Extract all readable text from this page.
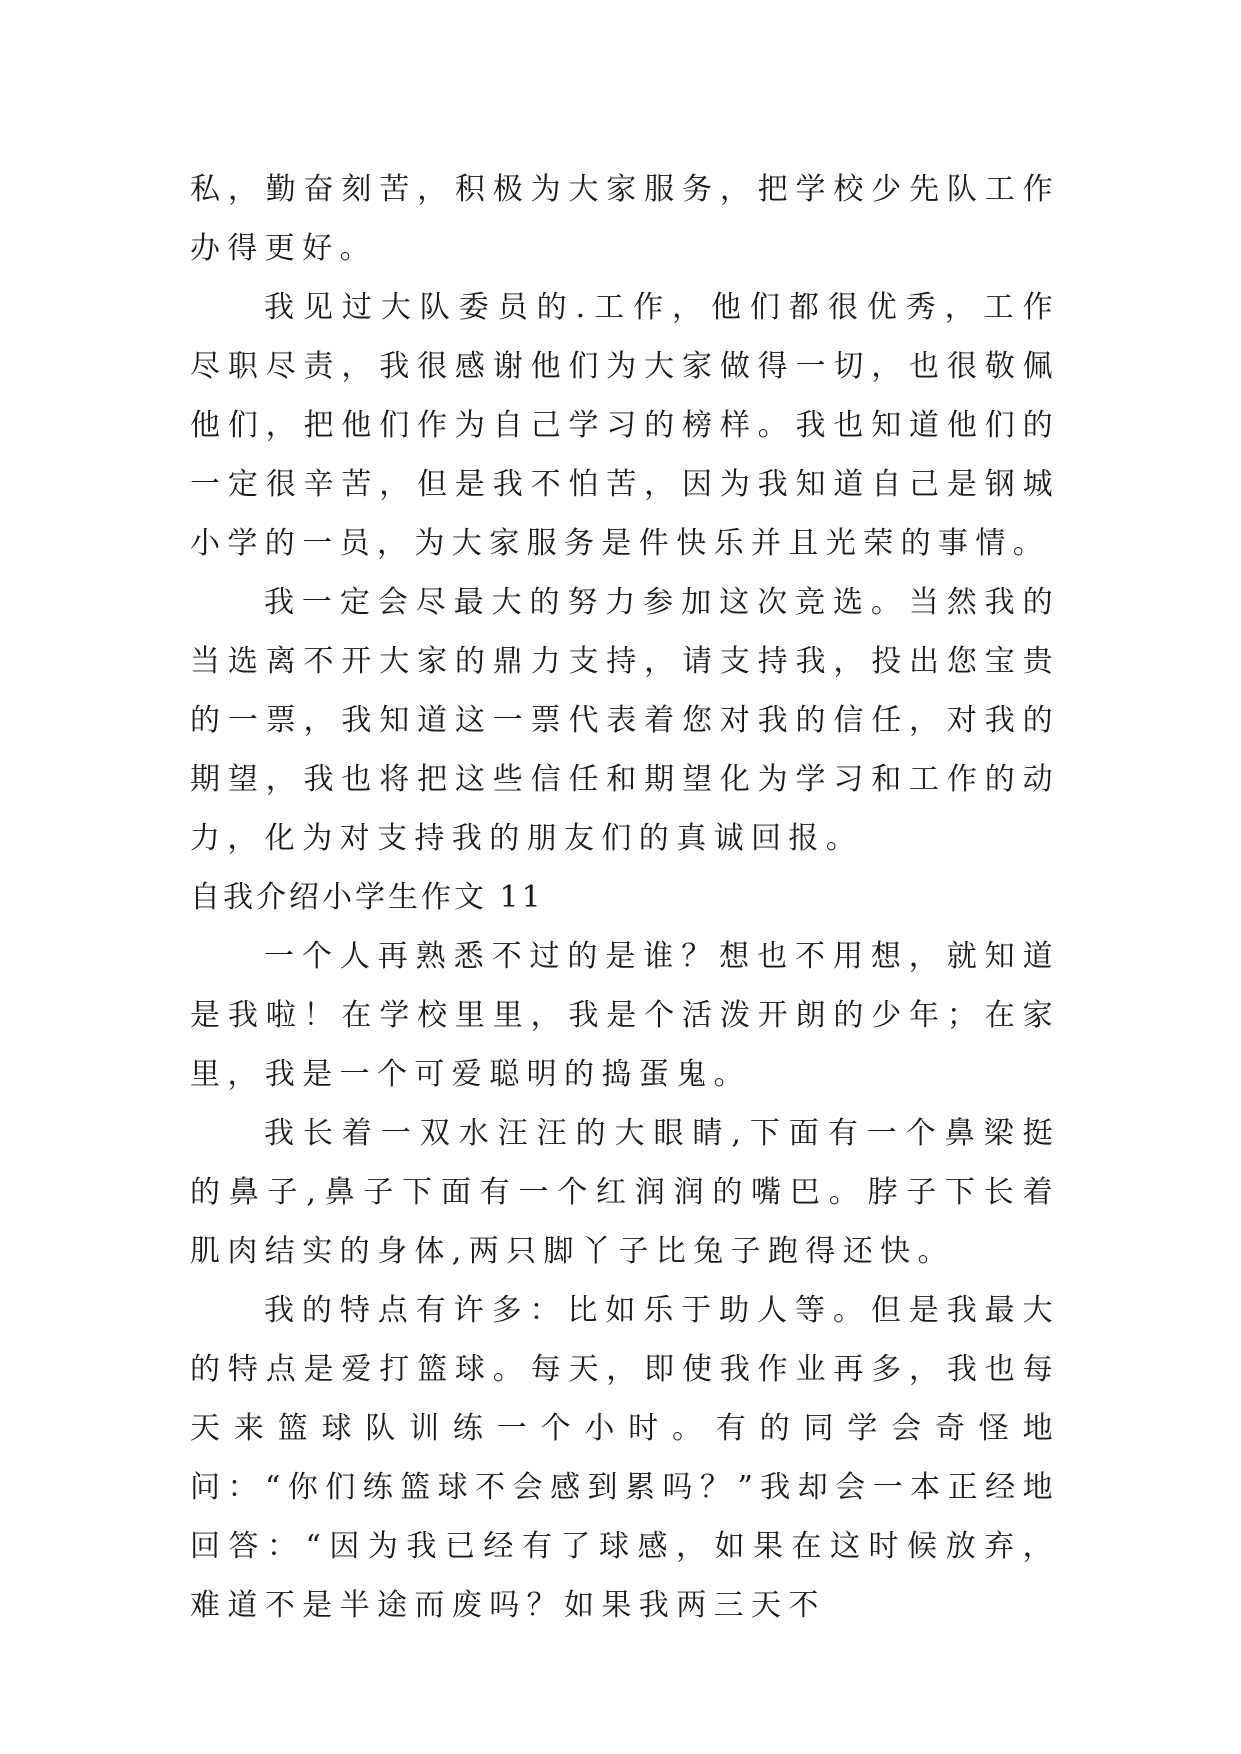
私，勤奋刻苦，积极为大家服务，把学校少先队工作办得更好。

我见过大队委员的.工作，他们都很优秀，工作尽职尽责，我很感谢他们为大家做得一切，也很敬佩他们，把他们作为自己学习的榜样。我也知道他们的一定很辛苦，但是我不怕苦，因为我知道自己是钢城小学的一员，为大家服务是件快乐并且光荣的事情。

我一定会尽最大的努力参加这次竞选。当然我的当选离不开大家的鼎力支持，请支持我，投出您宝贵的一票，我知道这一票代表着您对我的信任，对我的期望，我也将把这些信任和期望化为学习和工作的动力，化为对支持我的朋友们的真诚回报。

自我介绍小学生作文 11

一个人再熟悉不过的是谁？想也不用想，就知道是我啦！在学校里里，我是个活泼开朗的少年；在家里，我是一个可爱聪明的捣蛋鬼。

我长着一双水汪汪的大眼睛,下面有一个鼻梁挺的鼻子,鼻子下面有一个红润润的嘴巴。脖子下长着肌肉结实的身体,两只脚丫子比兔子跑得还快。

我的特点有许多：比如乐于助人等。但是我最大的特点是爱打篮球。每天，即使我作业再多，我也每天来篮球队训练一个小时。有的同学会奇怪地问：“你们练篮球不会感到累吗？”我却会一本正经地回答：“因为我已经有了球感，如果在这时候放弃，难道不是半途而废吗？如果我两三天不
